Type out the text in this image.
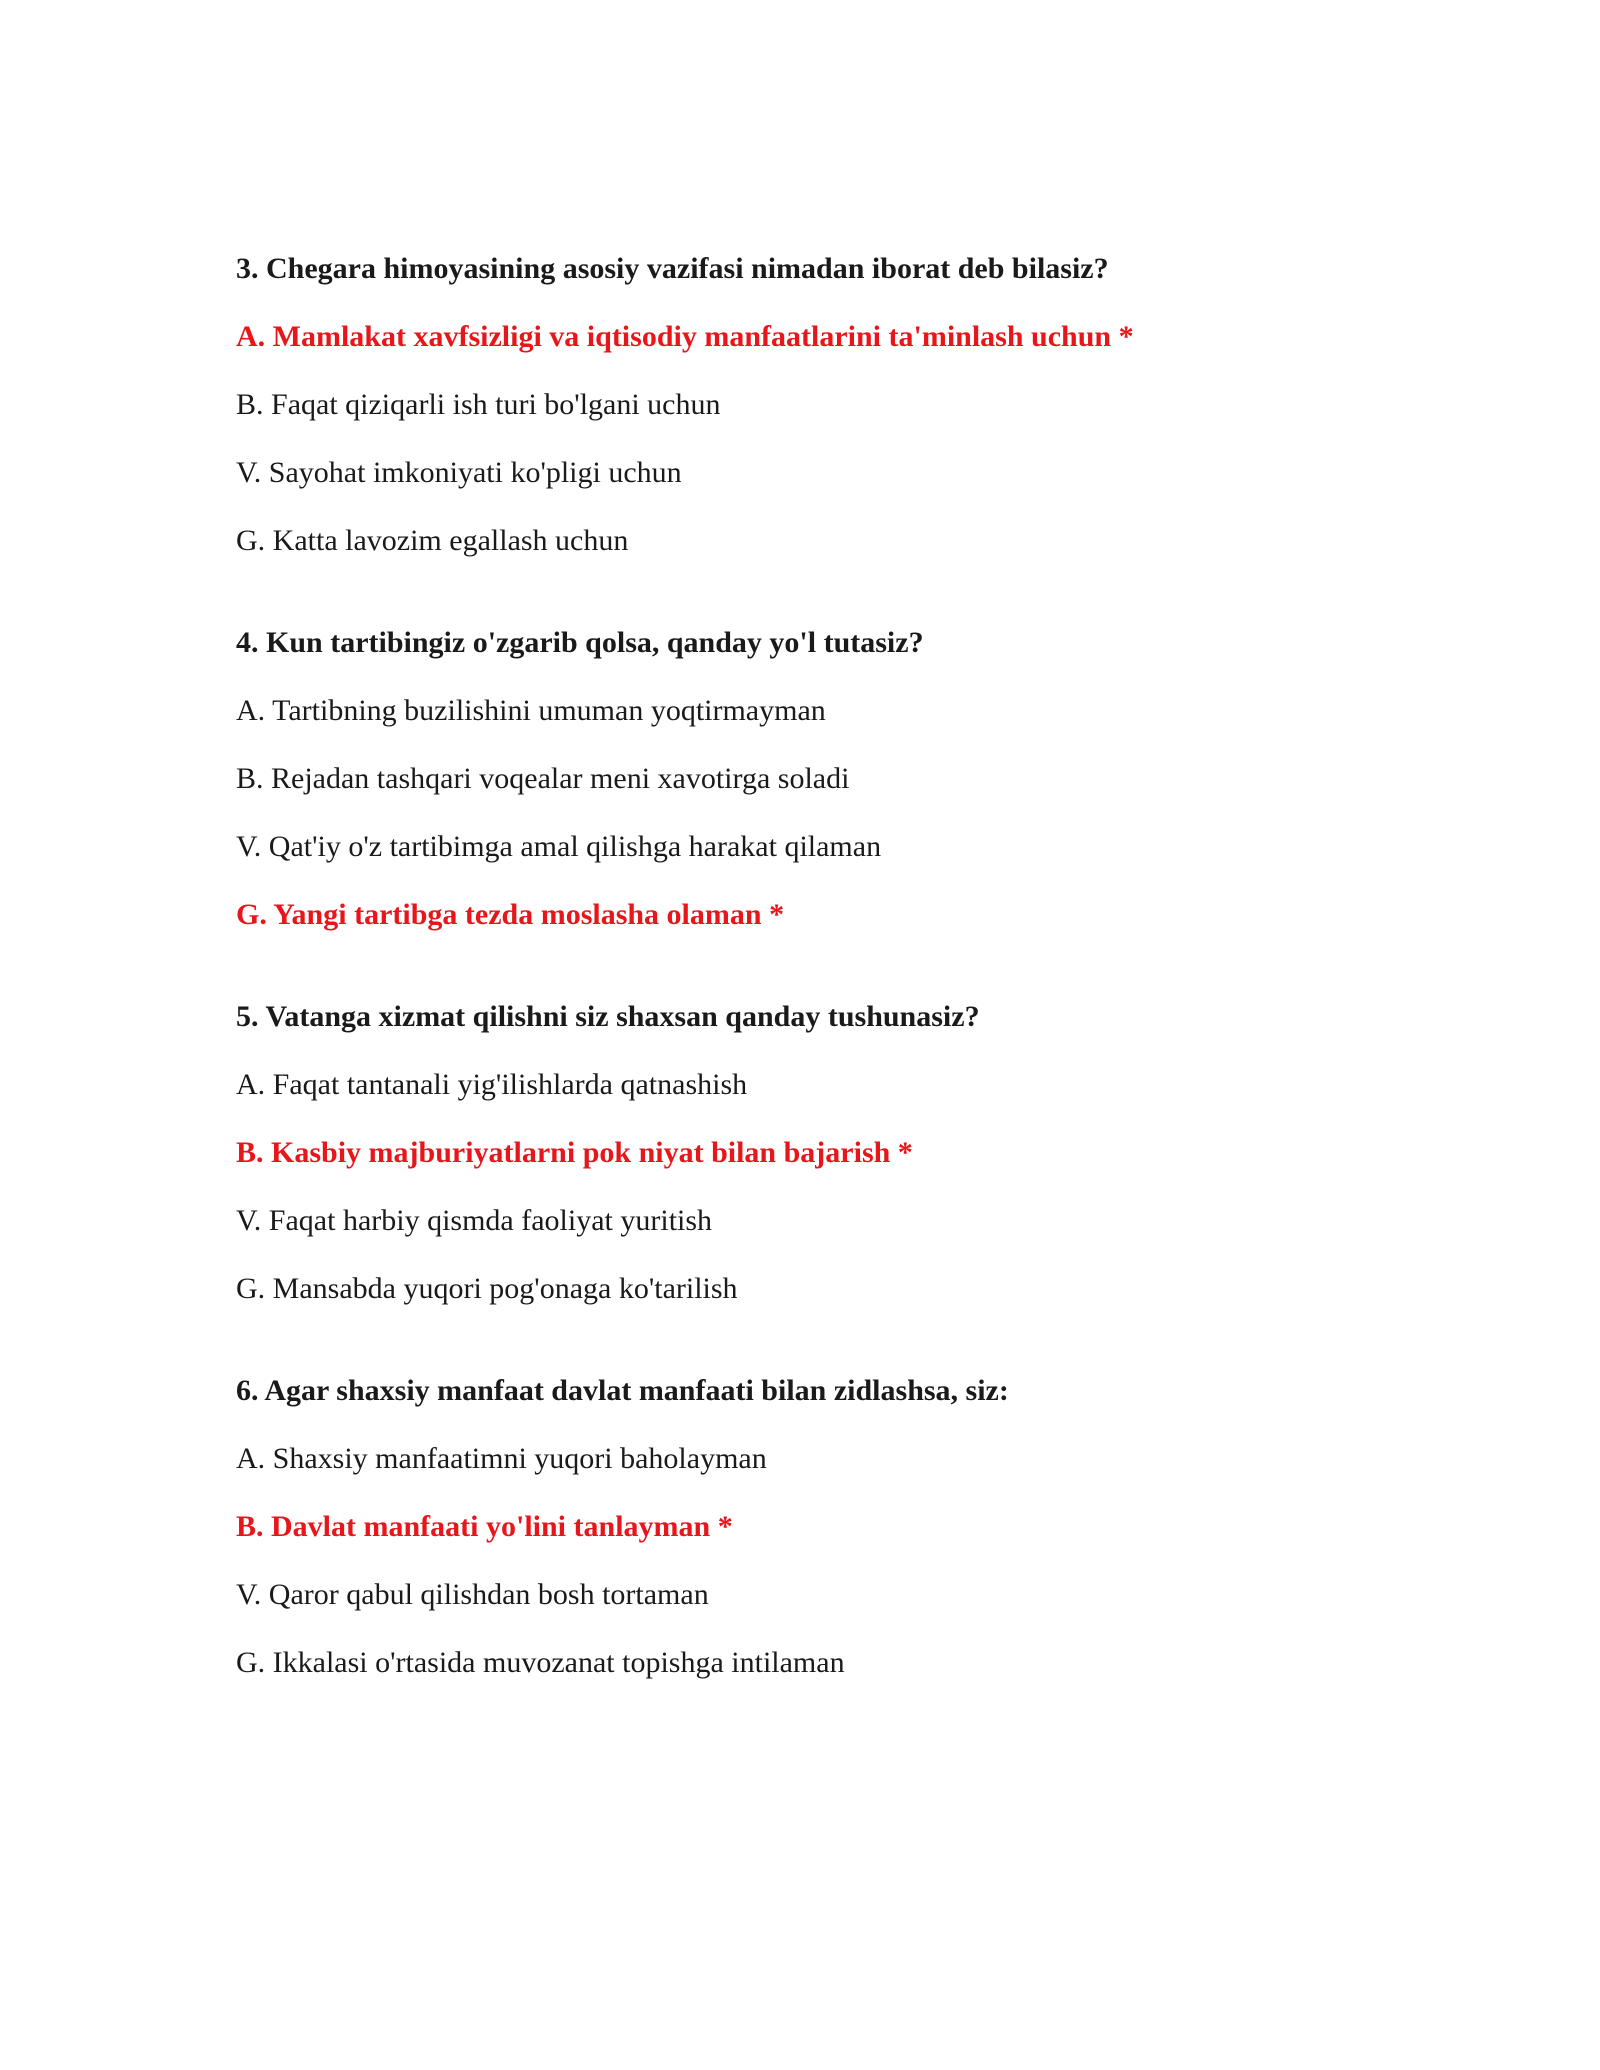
3. Chegara himoyasining asosiy vazifasi nimadan iborat deb bilasiz?

A. Mamlakat xavfsizligi va iqtisodiy manfaatlarini ta'minlash uchun *

B. Faqat qiziqarli ish turi bo'lgani uchun

V. Sayohat imkoniyati ko'pligi uchun

G. Katta lavozim egallash uchun

4. Kun tartibingiz o'zgarib qolsa, qanday yo'l tutasiz?

A. Tartibning buzilishini umuman yoqtirmayman

B. Rejadan tashqari voqealar meni xavotirga soladi

V. Qat'iy o'z tartibimga amal qilishga harakat qilaman

G. Yangi tartibga tezda moslasha olaman *

5. Vatanga xizmat qilishni siz shaxsan qanday tushunasiz?

A. Faqat tantanali yig'ilishlarda qatnashish

B. Kasbiy majburiyatlarni pok niyat bilan bajarish *

V. Faqat harbiy qismda faoliyat yuritish

G. Mansabda yuqori pog'onaga ko'tarilish

6. Agar shaxsiy manfaat davlat manfaati bilan zidlashsa, siz:

A. Shaxsiy manfaatimni yuqori baholayman

B. Davlat manfaati yo'lini tanlayman *

V. Qaror qabul qilishdan bosh tortaman

G. Ikkalasi o'rtasida muvozanat topishga intilaman
